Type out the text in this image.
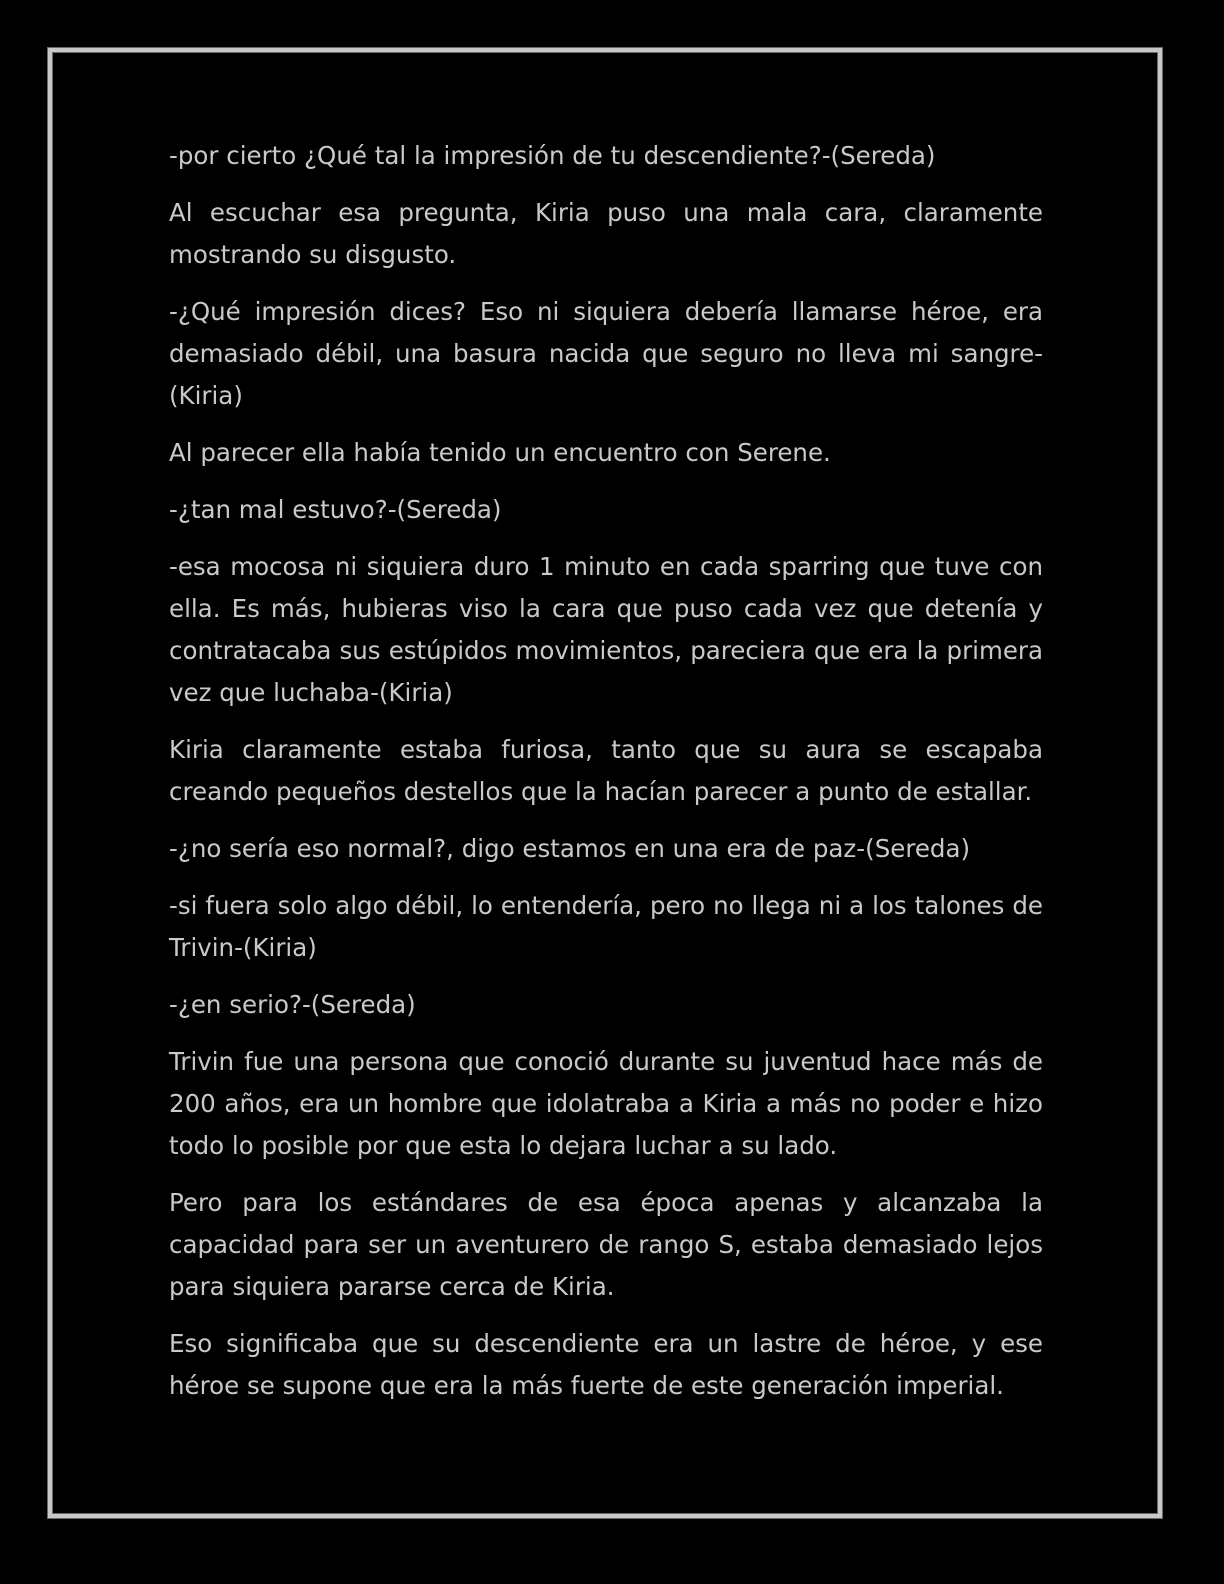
-por cierto ¿Qué tal la impresión de tu descendiente?-(Sereda)

Al escuchar esa pregunta, Kiria puso una mala cara, claramente mostrando su disgusto.

-¿Qué impresión dices? Eso ni siquiera debería llamarse héroe, era demasiado débil, una basura nacida que seguro no lleva mi sangre-(Kiria)

Al parecer ella había tenido un encuentro con Serene.

-¿tan mal estuvo?-(Sereda)

-esa mocosa ni siquiera duro 1 minuto en cada sparring que tuve con ella. Es más, hubieras viso la cara que puso cada vez que detenía y contratacaba sus estúpidos movimientos, pareciera que era la primera vez que luchaba-(Kiria)

Kiria claramente estaba furiosa, tanto que su aura se escapaba creando pequeños destellos que la hacían parecer a punto de estallar.

-¿no sería eso normal?, digo estamos en una era de paz-(Sereda)

-si fuera solo algo débil, lo entendería, pero no llega ni a los talones de Trivin-(Kiria)

-¿en serio?-(Sereda)

Trivin fue una persona que conoció durante su juventud hace más de 200 años, era un hombre que idolatraba a Kiria a más no poder e hizo todo lo posible por que esta lo dejara luchar a su lado.

Pero para los estándares de esa época apenas y alcanzaba la capacidad para ser un aventurero de rango S, estaba demasiado lejos para siquiera pararse cerca de Kiria.

Eso significaba que su descendiente era un lastre de héroe, y ese héroe se supone que era la más fuerte de este generación imperial.
